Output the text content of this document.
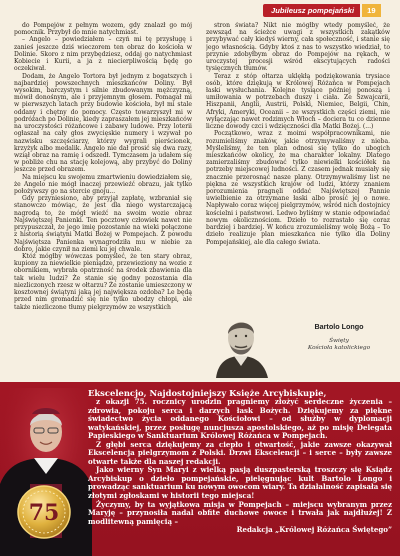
Jubileusz pompejański	19

do Pompejów z pełnym wozem, gdy znalazł go mój pomocnik. Przybył do mnie natychmiast.

– Angelo – powiedziałem – czyń mi tę przysługę i zanieś jeszcze dziś wieczorem ten obraz do kościoła w Dolinie. Skoro z nim przybędziesz, oddaj go natychmiast Kobiecie i Kurii, a ja z niecierpliwością będę go oczekiwał.

Dodam, że Angelo Tortora był jednym z bogatszych i najbardziej powszechnych mieszkańców Doliny. Był wysokim, barczystym i silnie zbudowanym mężczyzną, mówił donośnym, ale i przyjemnym głosem. Pomagał mi w pierwszych latach przy budowie kościoła, był mi stale oddany i chętny do pomocy. Często towarzyszył mi w podróżach po Dolinie, kiedy zapraszałem jej mieszkańców na uroczystości różańcowe i zabawy ludowe. Przy loterii ogłaszał na cały głos zwycięskie numery i wzywał po nazwisku szczęściarzy, którzy wygrali pierścionek, krzyżyk albo medalik. Angelo nie dał prosić się dwa razy, wziął obraz na ramię i odszedł. Tymczasem ja udałem się w pobliże chu na stację kolejową, aby przybyć do Doliny jeszcze przed obrazem.

Na miejscu ku swojemu zmartwieniu dowiedziałem się, że Angelo nie mógł inaczej przewieźć obrazu, jak tylko położywszy go na stercie gnoju...

Gdy przyniesiono, aby przyjął zapłatę, wzbraniał się stanowczo mówiąc, że jest dla niego wystarczającą nagrodą to, że mógł wieźć na swoim wozie obraz Najświętszej Panienki. Ten pocztowy człowiek nawet nie przypuszczał, że jego imię pozostanie na wieki połączone z historią świątyni Matki Bożej w Pompejach. Z powodu Najświętsza Panienka wynagrodziła mu w niebie za dobro, jakie czynił na ziemi ku jej chwale.

Któż mógłby wówczas pomyśleć, że ten stary obraz, kupiony za niewielkie pieniądze, przewieziony na wozie z obornikiem, wybrała opatrzność na środek zbawienia dla tak wielu ludzi? Że stanie się godny pozostania dla niezliczonych rzesz w ołtarzu? Że zostanie umieszczony w kosztownej świątyni jaką jej największa ozdoba? Le będą przed nim gromadzić się nie tylko ubodzy chłopi, ale także niezliczone tłumy pielgrzymów ze wszystkich

stron świata? Nikt nie mógłby wtedy pomyśleć, że zewsząd na ścieżce uwagi z wszystkich zakątków przybywać cały kiedyś wierny, cała społeczność, i stanie się jego własnością. Gdyby ktoś z nas to wszystko wiedział, to przynie zdobyłbym obraz do Pompejów na rękach, w uroczystej procesji wśród ekscytujących radości tysięcznych tłumów.

Teraz z stóp ołtarza uklękłą podziękowania trysiace osób, które dziękują w Królowej Różańca w Pompejach łaski wysłuchania. Kolejne tysiące później ponoszą i umiłowania w potrzebach duszy i ciała. Ze Szwajcarii, Hiszpanii, Anglii, Austrii, Polski, Niemiec, Belgii, Chin, Afryki, Ameryki, Oceanii – ze wszystkich części ziemi, nie wyłączając nawet rodzimych Włoch – dociera tu co dzienne liczne dowody czci i wdzięczności dla Matki Bożej. (...)

Początkowo, wraz z moimi współpracownikami, nie rozumieliśmy znaków, jakie otrzymywaliśmy z nieba. Myśleliśmy, że ten plan odnosi się tylko do ubogich mieszkańców okolicy, że ma charakter lokalny. Dlatego zamierzaliśmy zbudować tylko niewielki kościółek na potrzeby miejscowej ludności. Z czasem jednak musiały się znacznie przerosnąć nasze plany. Otrzymywaliśmy list ne piękna ze wszystkich krajów od ludzi, którzy znaniem porozumienia pragnęli oddać Najświętszej Pannie uwielbienie za otrzymane łaski albo prosić jej o nowe. Napływało coraz więcej pielgrzymów, wśród nich dostojnicy kościelni i państwowi. Ledwo byliśmy w stanie odpowiadać nowym okolicznościom. Dzieło to rozrastało się coraz bardziej i bardziej. W końcu zrozumieliśmy wolę Bożą – To dzieło realizuje plan mieszkańca nie tylko dla Doliny Pompejańskiej, ale dla całego świata.

Bartolo Longo
Święty
Kościoła katolickiego
75

Ekscelencjo, Najdostojniejszy Księże Arcybiskupie,

z okazji 75. rocznicy urodzin pragniemy złożyć serdeczne życzenia – zdrowia, pokoju serca i darzych łask Bożych. Dziękujemy za piękne świadectwo życia oddanego Kościołowi – od służby w dyplomacji watykańskiej, przez posługę nuncjusza apostolskiego, aż po misję Delegata Papieskiego w Sanktuarium Królowej Różańca w Pompejach.

Z głębi serca dziękujemy za ciepło i otwartość, jakie zawsze okazywał Ekscelencja pielgrzymom z Polski. Drzwi Ekscelencji – i serce – były zawsze otwarte także dla naszej redakcji.

Jako wierny Syn Maryi z wielką pasją duszpasterską troszczy się Ksiądz Arcybiskup o dzieło pompejańskie, pielęgnując kult Bartolo Longo i prowadząc sanktuarium ku nowym owocom wiary. Ta działalność zapisała się złotymi zgłoskami w historii tego miejsca!

Życzymy, by ta wyjątkowa misja w Pompejach – miejscu wybranym przez Maryję – przynosiła nadal obfite duchowe owoce i trwała jak najdłużej! Z modlitewną pamięcią –

Redakcja „Królowej Różańca Świętego”
